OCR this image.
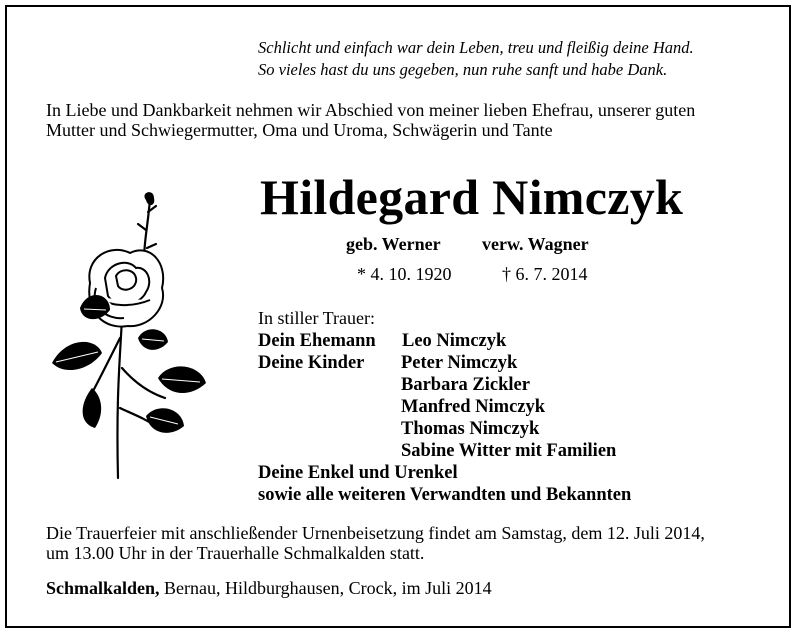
Schlicht und einfach war dein Leben, treu und fleißig deine Hand.
So vieles hast du uns gegeben, nun ruhe sanft und habe Dank.
In Liebe und Dankbarkeit nehmen wir Abschied von meiner lieben Ehefrau, unserer guten
Mutter und Schwiegermutter, Oma und Uroma, Schwägerin und Tante
Hildegard Nimczyk
geb. Werner verw. Wagner
* 4. 10. 1920	† 6. 7. 2014
In stiller Trauer:
Dein Ehemann Leo Nimczyk
Deine Kinder Peter Nimczyk
Barbara Zickler
Manfred Nimczyk
Thomas Nimczyk
Sabine Witter mit Familien
Deine Enkel und Urenkel
sowie alle weiteren Verwandten und Bekannten
Die Trauerfeier mit anschließender Urnenbeisetzung findet am Samstag, dem 12. Juli 2014,
um 13.00 Uhr in der Trauerhalle Schmalkalden statt.
Schmalkalden, Bernau, Hildburghausen, Crock, im Juli 2014
